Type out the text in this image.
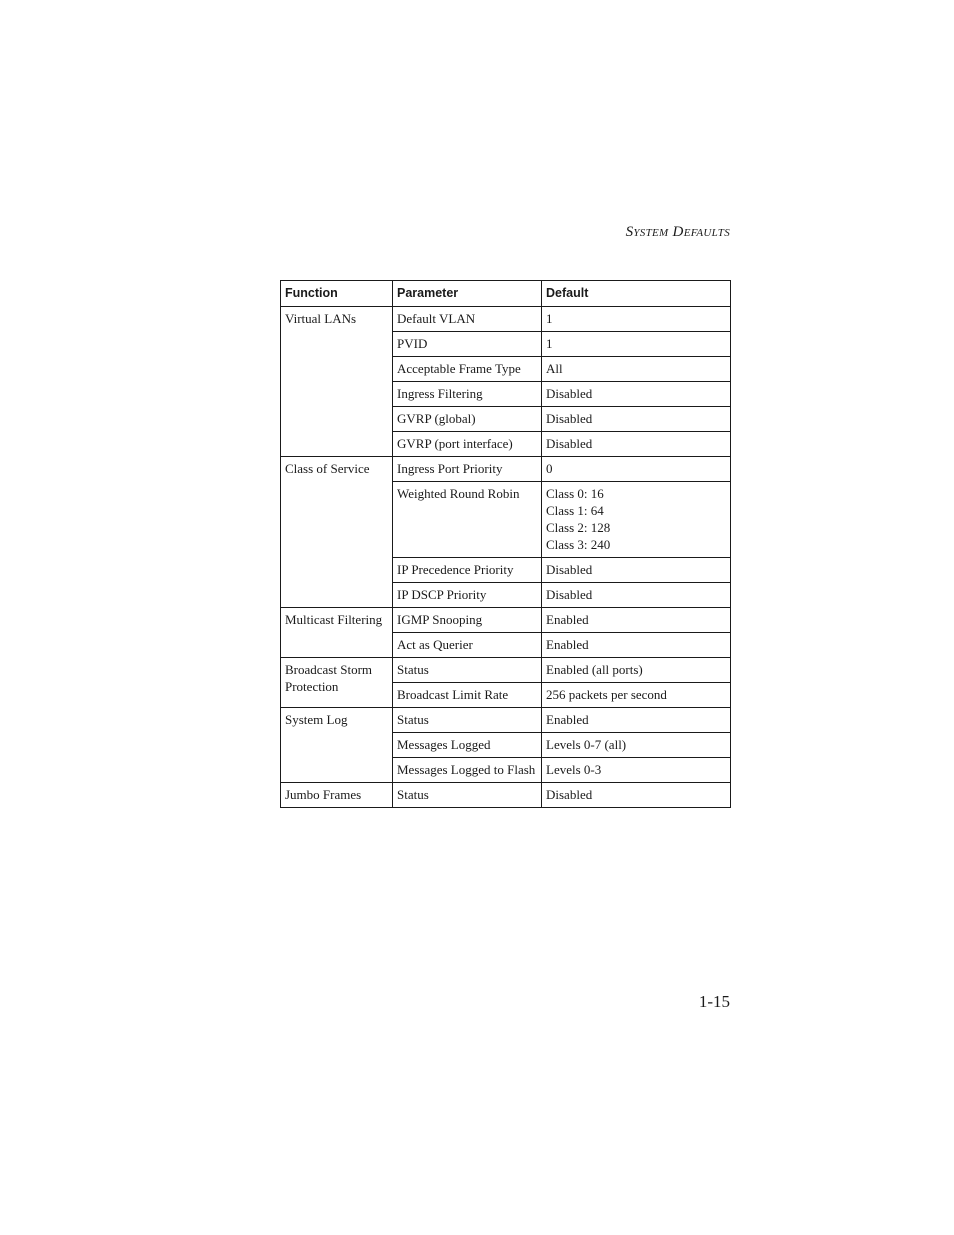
System Defaults
Function	Parameter	Default
Virtual LANs	Default VLAN	1

	PVID	1

	Acceptable Frame Type	All

	Ingress Filtering	Disabled

	GVRP (global)	Disabled

	GVRP (port interface)	Disabled

Class of Service	Ingress Port Priority	0

	Weighted Round Robin	Class 0: 16
Class 1: 64
Class 2: 128
Class 3: 240

	IP Precedence Priority	Disabled

	IP DSCP Priority	Disabled

Multicast Filtering	IGMP Snooping	Enabled

	Act as Querier	Enabled

Broadcast Storm Protection	Status	Enabled (all ports)

	Broadcast Limit Rate	256 packets per second

System Log	Status	Enabled

	Messages Logged	Levels 0-7 (all)

	Messages Logged to Flash	Levels 0-3

Jumbo Frames	Status	Disabled
1-15
